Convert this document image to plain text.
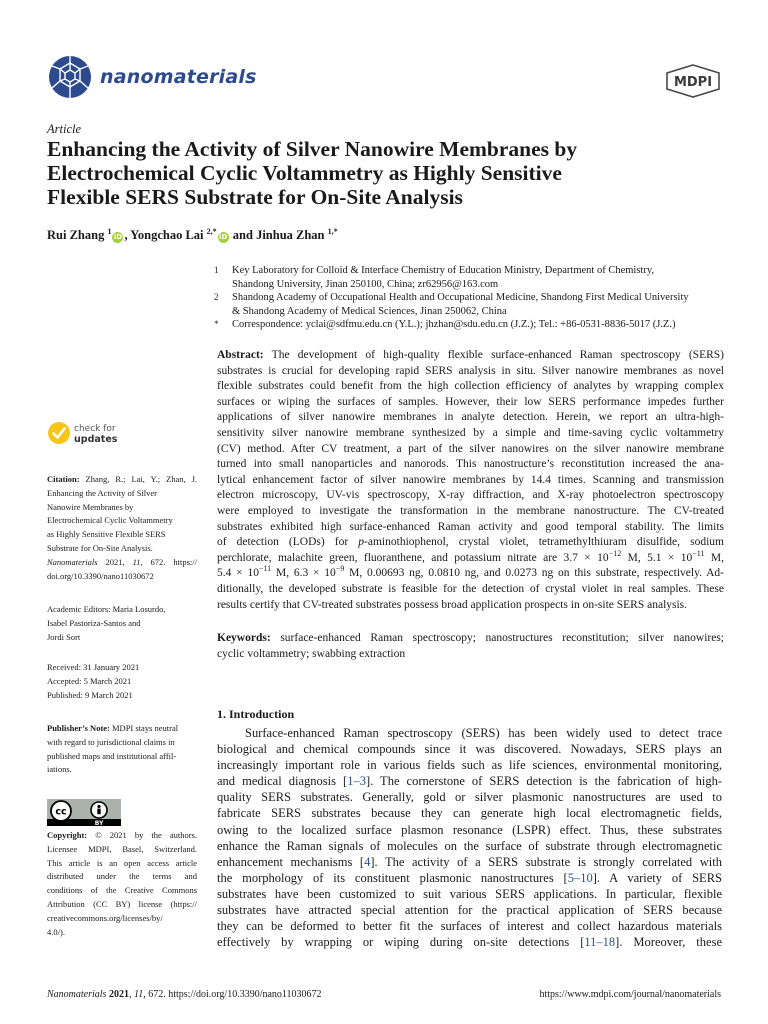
nanomaterials	MDPI
Article
Enhancing the Activity of Silver Nanowire Membranes by
Electrochemical Cyclic Voltammetry as Highly Sensitive
Flexible SERS Substrate for On-Site Analysis
Rui Zhang $^1$iD , Yongchao Lai $^{2,*}$iD and Jinhua Zhan $^{1,*}$
1 Key Laboratory for Colloid & Interface Chemistry of Education Ministry, Department of Chemistry,
Shandong University, Jinan 250100, China; zr62956@163.com
2 Shandong Academy of Occupational Health and Occupational Medicine, Shandong First Medical University
& Shandong Academy of Medical Sciences, Jinan 250062, China
* Correspondence: yclai@sdfmu.edu.cn (Y.L.); jhzhan@sdu.edu.cn (J.Z.); Tel.: +86-0531-8836-5017 (J.Z.)
Abstract: The development of high-quality flexible surface-enhanced Raman spectroscopy (SERS)
substrates is crucial for developing rapid SERS analysis in situ. Silver nanowire membranes as novel
flexible substrates could benefit from the high collection efficiency of analytes by wrapping complex
surfaces or wiping the surfaces of samples. However, their low SERS performance impedes further
applications of silver nanowire membranes in analyte detection. Herein, we report an ultra-high-
sensitivity silver nanowire membrane synthesized by a simple and time-saving cyclic voltammetry
(CV) method. After CV treatment, a part of the silver nanowires on the silver nanowire membrane
turned into small nanoparticles and nanorods. This nanostructure’s reconstitution increased the ana-
lytical enhancement factor of silver nanowire membranes by 14.4 times. Scanning and transmission
electron microscopy, UV-vis spectroscopy, X-ray diffraction, and X-ray photoelectron spectroscopy
were employed to investigate the transformation in the membrane nanostructure. The CV-treated
substrates exhibited high surface-enhanced Raman activity and good temporal stability. The limits
of detection (LODs) for p-aminothiophenol, crystal violet, tetramethylthiuram disulfide, sodium
perchlorate, malachite green, fluoranthene, and potassium nitrate are $3.7 \times 10^{-12}$ M, $5.1 \times 10^{-11}$ M,
$5.4 \times 10^{-11}$ M, $6.3 \times 10^{-9}$ M, 0.00693 ng, 0.0810 ng, and 0.0273 ng on this substrate, respectively. Ad-
ditionally, the developed substrate is feasible for the detection of crystal violet in real samples. These
results certify that CV-treated substrates possess broad application prospects in on-site SERS analysis.
Keywords: surface-enhanced Raman spectroscopy; nanostructures reconstitution; silver nanowires;
cyclic voltammetry; swabbing extraction
1. Introduction
Surface-enhanced Raman spectroscopy (SERS) has been widely used to detect trace
biological and chemical compounds since it was discovered. Nowadays, SERS plays an
increasingly important role in various fields such as life sciences, environmental monitoring,
and medical diagnosis [1–3]. The cornerstone of SERS detection is the fabrication of high-
quality SERS substrates. Generally, gold or silver plasmonic nanostructures are used to
fabricate SERS substrates because they can generate high local electromagnetic fields,
owing to the localized surface plasmon resonance (LSPR) effect. Thus, these substrates
enhance the Raman signals of molecules on the surface of substrate through electromagnetic
enhancement mechanisms [4]. The activity of a SERS substrate is strongly correlated with
the morphology of its constituent plasmonic nanostructures [5–10]. A variety of SERS
substrates have been customized to suit various SERS applications. In particular, flexible
substrates have attracted special attention for the practical application of SERS because
they can be deformed to better fit the surfaces of interest and collect hazardous materials
effectively by wrapping or wiping during on-site detections [11–18]. Moreover, these
check for
updates
Citation: Zhang, R.; Lai, Y.; Zhan, J.
Enhancing the Activity of Silver
Nanowire Membranes by
Electrochemical Cyclic Voltammetry
as Highly Sensitive Flexible SERS
Substrate for On-Site Analysis.
Nanomaterials 2021, 11, 672. https://
doi.org/10.3390/nano11030672
Academic Editors: Maria Losurdo,
Isabel Pastoriza-Santos and
Jordi Sort
Received: 31 January 2021
Accepted: 5 March 2021
Published: 9 March 2021
Publisher’s Note: MDPI stays neutral
with regard to jurisdictional claims in
published maps and institutional affil-
iations.
cc
BY
Copyright: © 2021 by the authors.
Licensee MDPI, Basel, Switzerland.
This article is an open access article
distributed under the terms and
conditions of the Creative Commons
Attribution (CC BY) license (https://
creativecommons.org/licenses/by/
4.0/).
Nanomaterials 2021, 11, 672. https://doi.org/10.3390/nano11030672	https://www.mdpi.com/journal/nanomaterials
